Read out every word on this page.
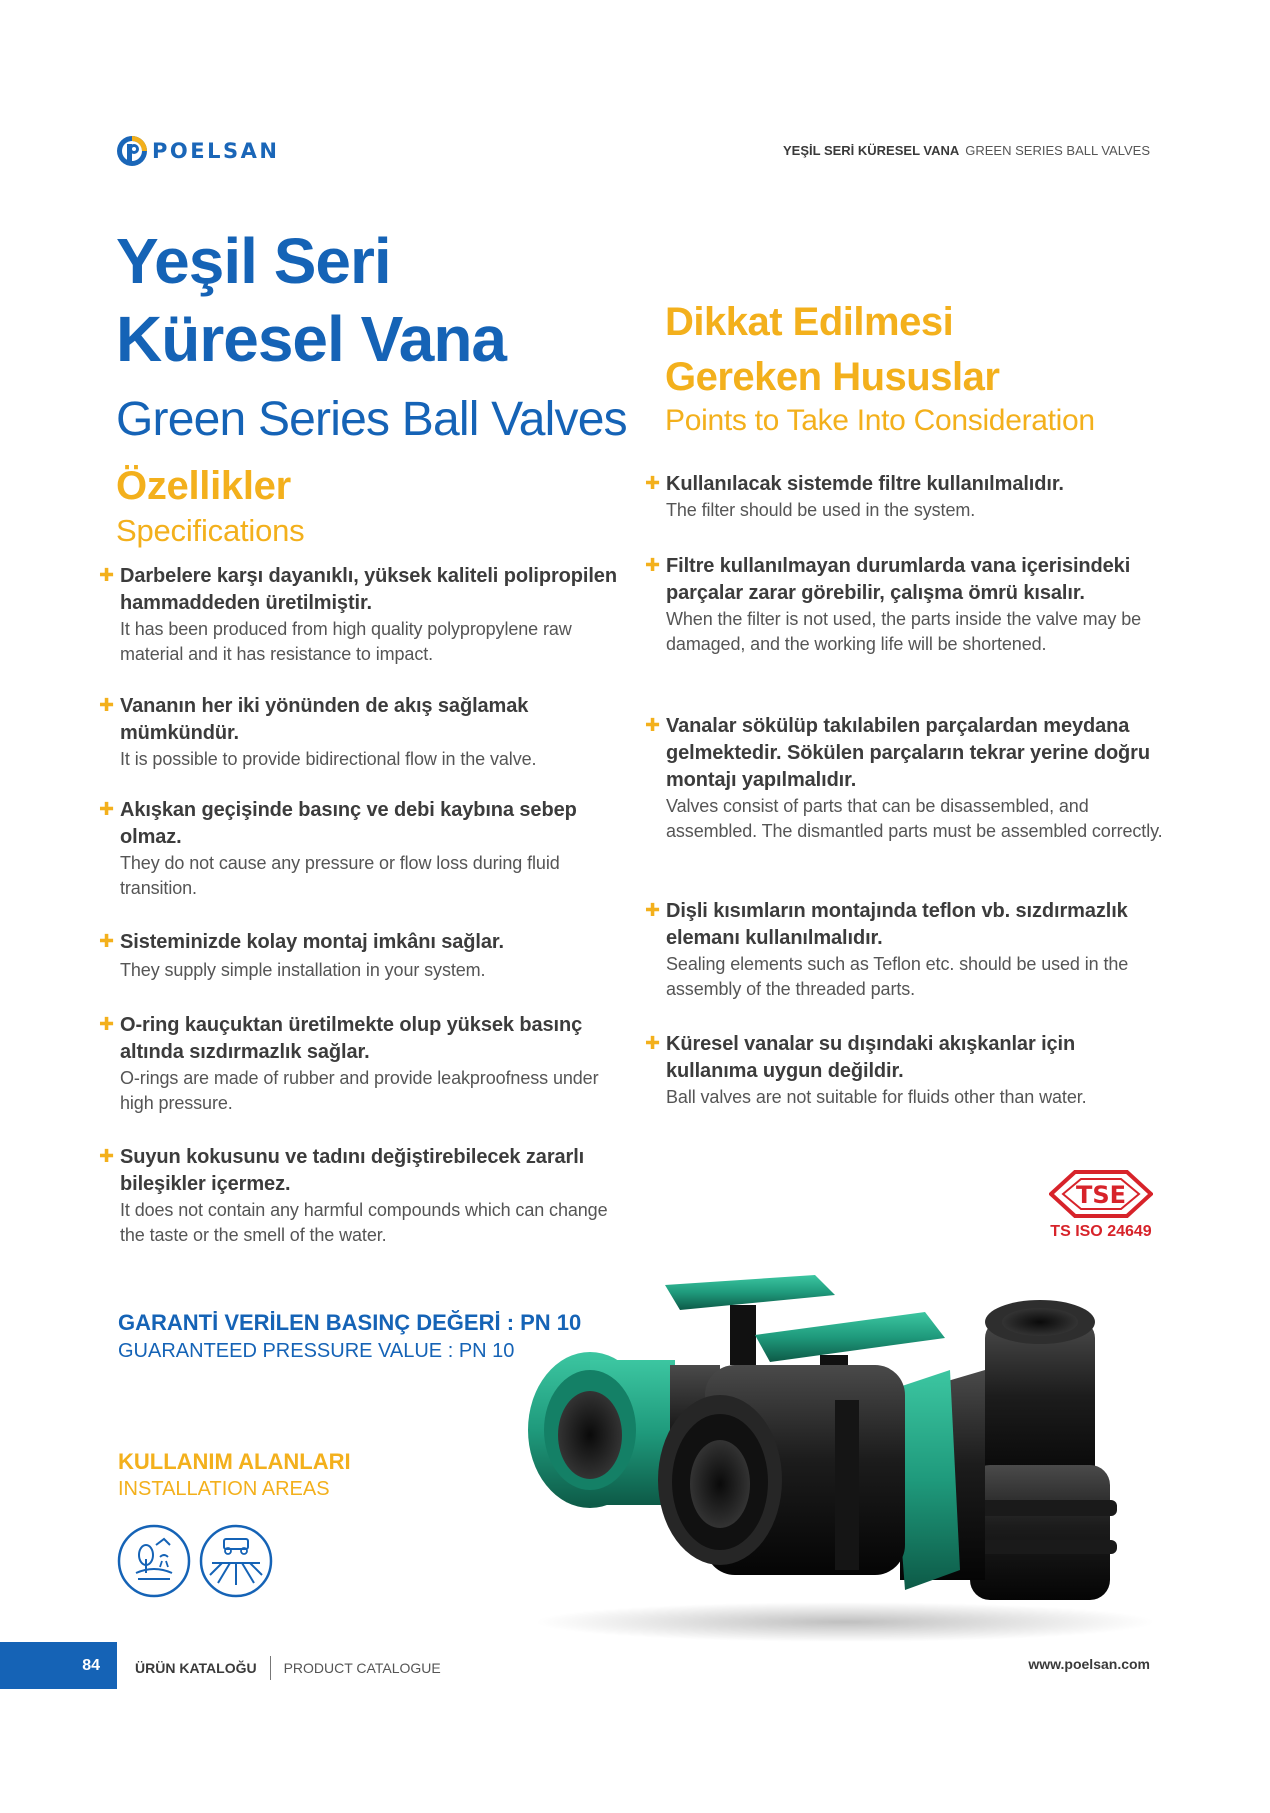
POELSAN	YEŞİL SERİ KÜRESEL VANA GREEN SERIES BALL VALVES
Yeşil Seri
Küresel Vana
Green Series Ball Valves
Dikkat Edilmesi
Gereken Hususlar
Points to Take Into Consideration
Özellikler
Specifications
✚ Darbelere karşı dayanıklı, yüksek kaliteli polipropilen hammaddeden üretilmiştir.
It has been produced from high quality polypropylene raw material and it has resistance to impact.
✚ Vananın her iki yönünden de akış sağlamak mümkündür.
It is possible to provide bidirectional flow in the valve.
✚ Akışkan geçişinde basınç ve debi kaybına sebep olmaz.
They do not cause any pressure or flow loss during fluid transition.
✚ Sisteminizde kolay montaj imkânı sağlar.
They supply simple installation in your system.
✚ O-ring kauçuktan üretilmekte olup yüksek basınç altında sızdırmazlık sağlar.
O-rings are made of rubber and provide leakproofness under high pressure.
✚ Suyun kokusunu ve tadını değiştirebilecek zararlı bileşikler içermez.
It does not contain any harmful compounds which can change the taste or the smell of the water.
✚ Kullanılacak sistemde filtre kullanılmalıdır.
The filter should be used in the system.
✚ Filtre kullanılmayan durumlarda vana içerisindeki parçalar zarar görebilir, çalışma ömrü kısalır.
When the filter is not used, the parts inside the valve may be damaged, and the working life will be shortened.
✚ Vanalar sökülüp takılabilen parçalardan meydana gelmektedir. Sökülen parçaların tekrar yerine doğru montajı yapılmalıdır.
Valves consist of parts that can be disassembled, and assembled. The dismantled parts must be assembled correctly.
✚ Dişli kısımların montajında teflon vb. sızdırmazlık elemanı kullanılmalıdır.
Sealing elements such as Teflon etc. should be used in the assembly of the threaded parts.
✚ Küresel vanalar su dışındaki akışkanlar için kullanıma uygun değildir.
Ball valves are not suitable for fluids other than water.
TSE
TS ISO 24649
GARANTİ VERİLEN BASINÇ DEĞERİ : PN 10
GUARANTEED PRESSURE VALUE : PN 10
KULLANIM ALANLARI
INSTALLATION AREAS
84	ÜRÜN KATALOĞU PRODUCT CATALOGUE	www.poelsan.com
